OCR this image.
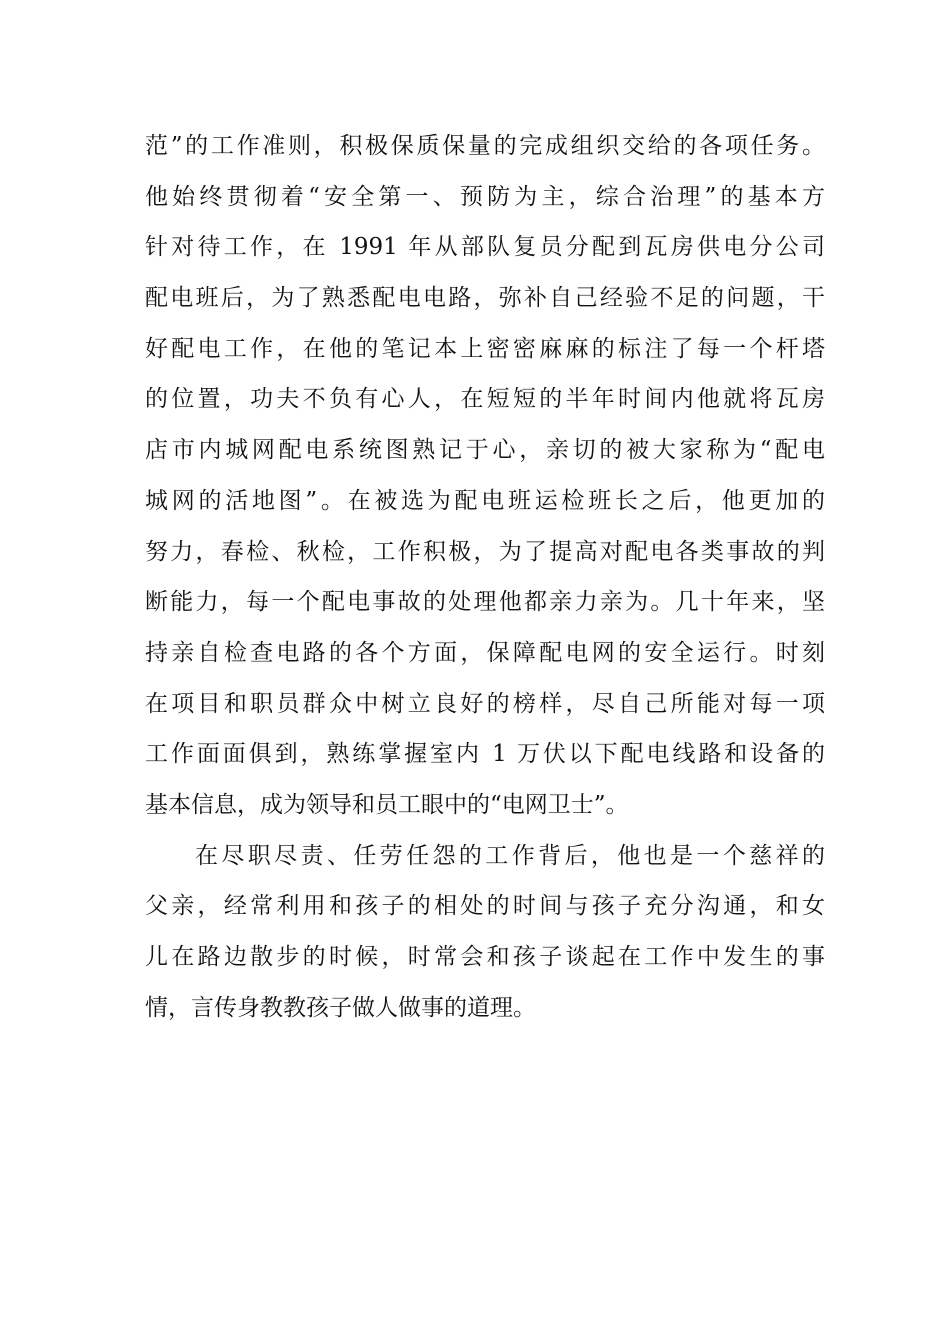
范”的工作准则，积极保质保量的完成组织交给的各项任务。
他始终贯彻着“安全第一、预防为主，综合治理”的基本方
针对待工作，在 1991 年从部队复员分配到瓦房供电分公司
配电班后，为了熟悉配电电路，弥补自己经验不足的问题，干
好配电工作，在他的笔记本上密密麻麻的标注了每一个杆塔
的位置，功夫不负有心人，在短短的半年时间内他就将瓦房
店市内城网配电系统图熟记于心，亲切的被大家称为“配电
城网的活地图”。在被选为配电班运检班长之后，他更加的
努力，春检、秋检，工作积极，为了提高对配电各类事故的判
断能力，每一个配电事故的处理他都亲力亲为。几十年来，坚
持亲自检查电路的各个方面，保障配电网的安全运行。时刻
在项目和职员群众中树立良好的榜样，尽自己所能对每一项
工作面面俱到，熟练掌握室内 1 万伏以下配电线路和设备的
基本信息，成为领导和员工眼中的“电网卫士”。
在尽职尽责、任劳任怨的工作背后，他也是一个慈祥的
父亲，经常利用和孩子的相处的时间与孩子充分沟通，和女
儿在路边散步的时候，时常会和孩子谈起在工作中发生的事
情，言传身教教孩子做人做事的道理。
